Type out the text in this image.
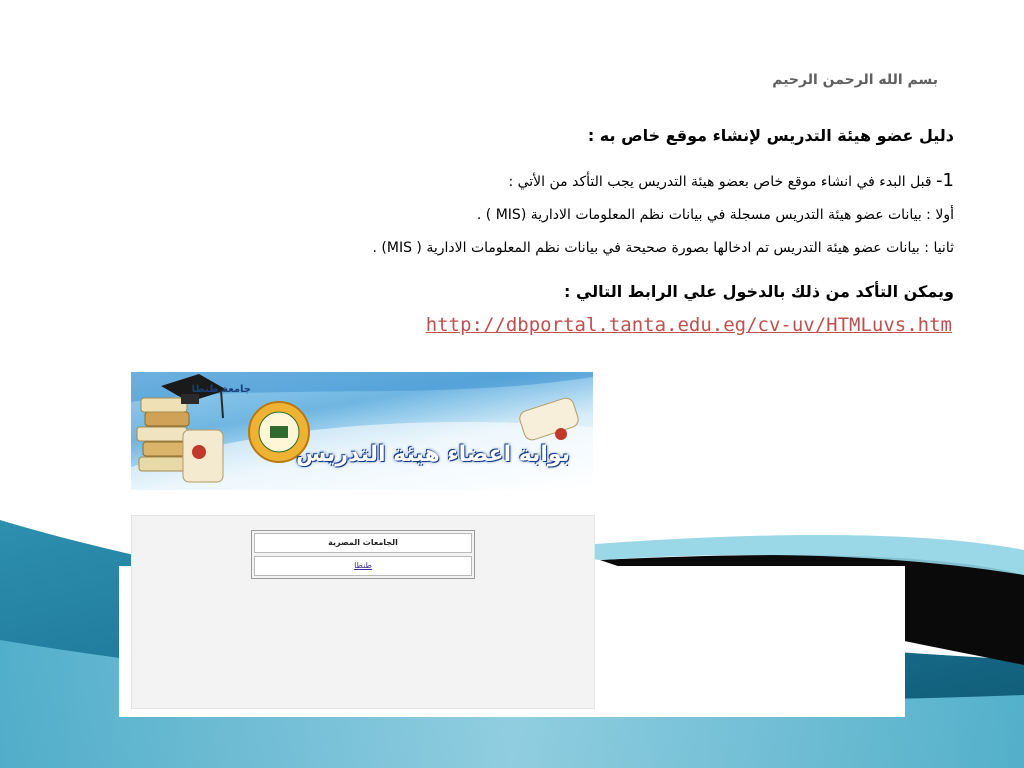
بسم الله الرحمن الرحيم
دليل عضو هيئة التدريس لإنشاء موقع خاص به :
1- قبل البدء في انشاء موقع خاص بعضو هيئة التدريس يجب التأكد من الأتي :
أولا : بيانات عضو هيئة التدريس مسجلة في بيانات نظم المعلومات الادارية (MIS ) .
ثانيا : بيانات عضو هيئة التدريس تم ادخالها بصورة صحيحة في بيانات نظم المعلومات الادارية ( MIS) .
ويمكن التأكد من ذلك بالدخول علي الرابط التالي :
http://dbportal.tanta.edu.eg/cv-uv/HTMLuvs.htm
جامعة طنطا
بوابة اعضاء هيئة التدريس
الجامعات المصرية
طنطا
